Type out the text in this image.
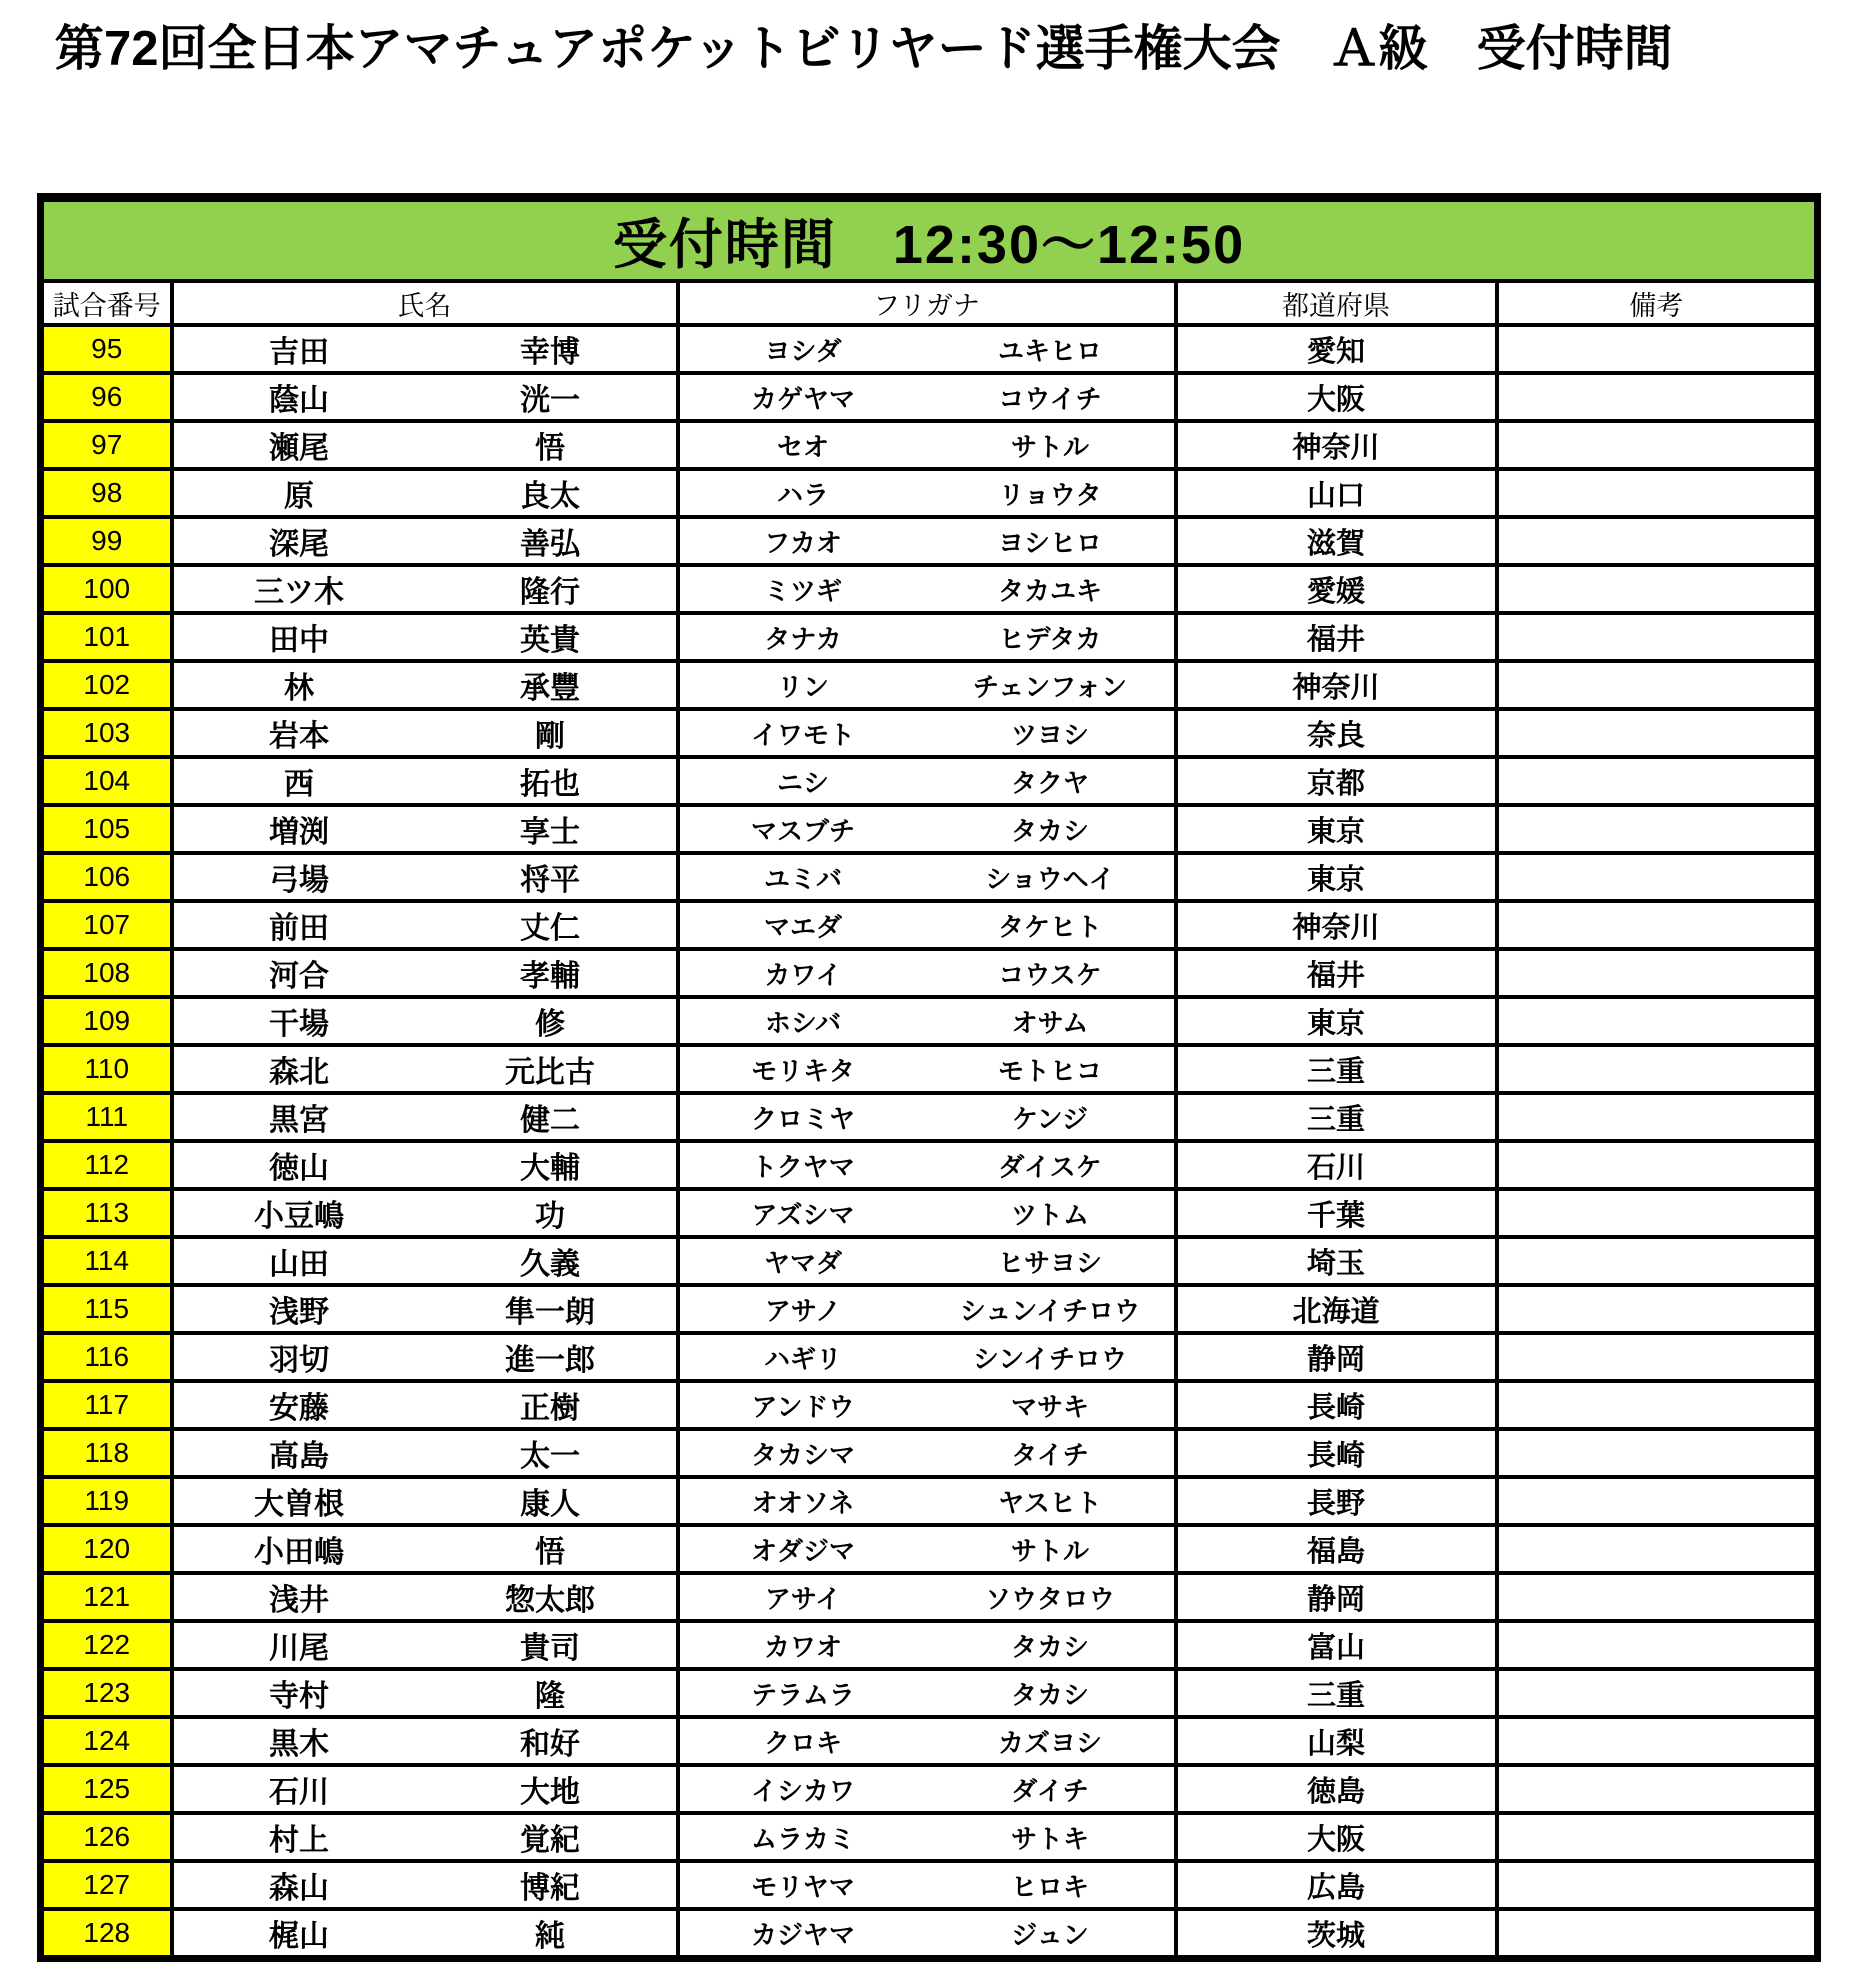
第72回全日本アマチュアポケットビリヤード選手権大会　Ａ級　受付時間
受付時間　12:30～12:50				
試合番号	氏名	フリガナ	都道府県	備考
95	吉田 幸博	ヨシダ ユキヒロ	愛知	
96	蔭山 洸一	カゲヤマ コウイチ	大阪	
97	瀬尾 悟	セオ サトル	神奈川	
98	原 良太	ハラ リョウタ	山口	
99	深尾 善弘	フカオ ヨシヒロ	滋賀	
100	三ツ木 隆行	ミツギ タカユキ	愛媛	
101	田中 英貴	タナカ ヒデタカ	福井	
102	林 承豐	リン チェンフォン	神奈川	
103	岩本 剛	イワモト ツヨシ	奈良	
104	西 拓也	ニシ タクヤ	京都	
105	増渕 享士	マスブチ タカシ	東京	
106	弓場 将平	ユミバ ショウヘイ	東京	
107	前田 丈仁	マエダ タケヒト	神奈川	
108	河合 孝輔	カワイ コウスケ	福井	
109	干場 修	ホシバ オサム	東京	
110	森北 元比古	モリキタ モトヒコ	三重	
111	黒宮 健二	クロミヤ ケンジ	三重	
112	徳山 大輔	トクヤマ ダイスケ	石川	
113	小豆嶋 功	アズシマ ツトム	千葉	
114	山田 久義	ヤマダ ヒサヨシ	埼玉	
115	浅野 隼一朗	アサノ シュンイチロウ	北海道	
116	羽切 進一郎	ハギリ シンイチロウ	静岡	
117	安藤 正樹	アンドウ マサキ	長崎	
118	高島 太一	タカシマ タイチ	長崎	
119	大曽根 康人	オオソネ ヤスヒト	長野	
120	小田嶋 悟	オダジマ サトル	福島	
121	浅井 惣太郎	アサイ ソウタロウ	静岡	
122	川尾 貴司	カワオ タカシ	富山	
123	寺村 隆	テラムラ タカシ	三重	
124	黒木 和好	クロキ カズヨシ	山梨	
125	石川 大地	イシカワ ダイチ	徳島	
126	村上 覚紀	ムラカミ サトキ	大阪	
127	森山 博紀	モリヤマ ヒロキ	広島	
128	梶山 純	カジヤマ ジュン	茨城	
